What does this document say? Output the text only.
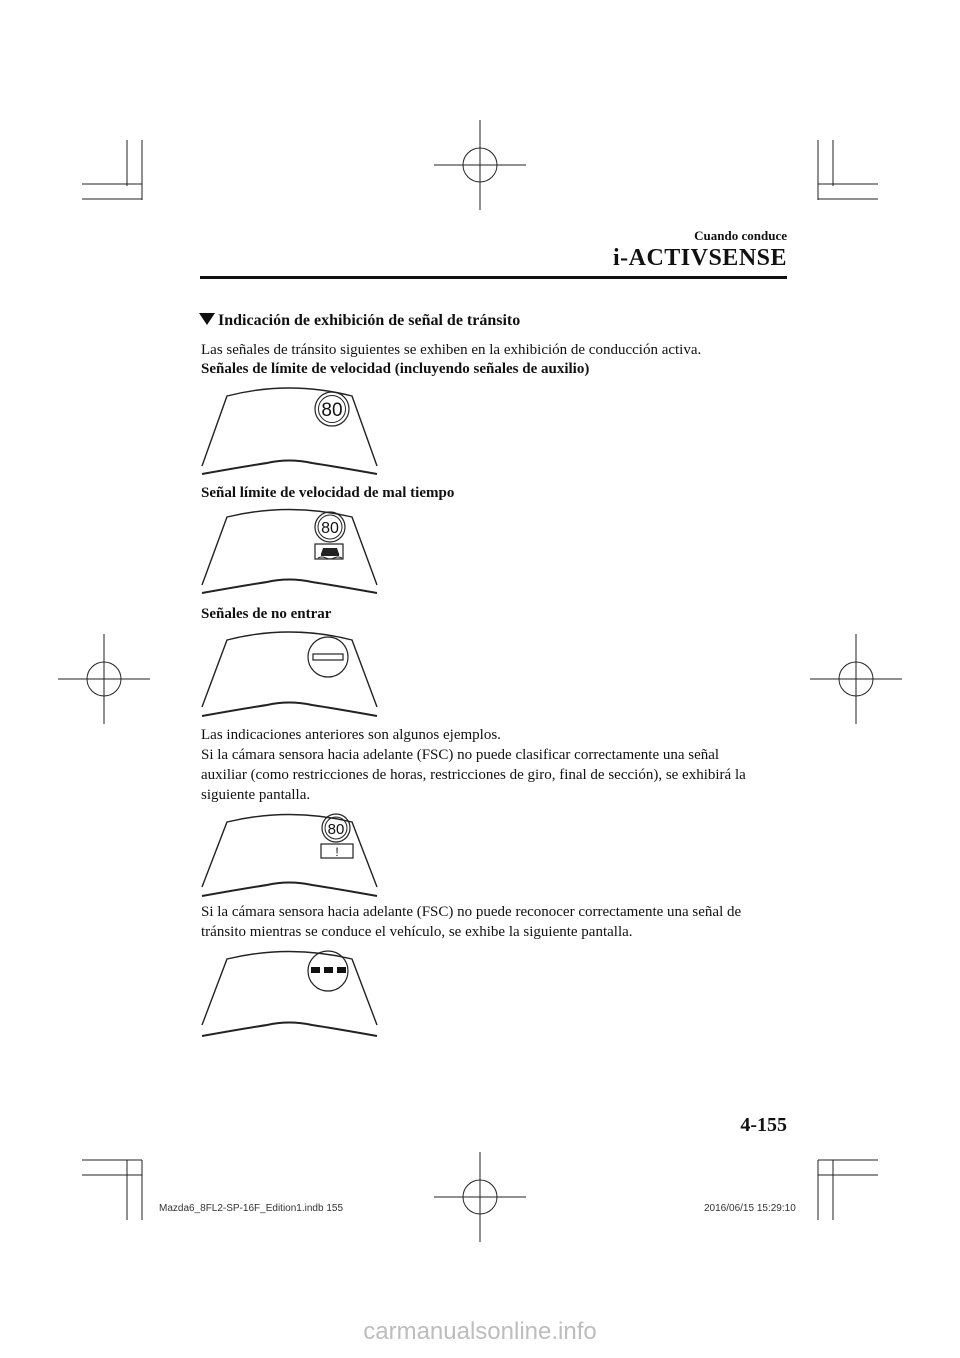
Cuando conduce
i-ACTIVSENSE
Indicación de exhibición de señal de tránsito
Las señales de tránsito siguientes se exhiben en la exhibición de conducción activa.
Señales de límite de velocidad (incluyendo señales de auxilio)
80
Señal límite de velocidad de mal tiempo
80
Señales de no entrar
Las indicaciones anteriores son algunos ejemplos.
Si la cámara sensora hacia adelante (FSC) no puede clasificar correctamente una señal
auxiliar (como restricciones de horas, restricciones de giro, final de sección), se exhibirá la
siguiente pantalla.
80
!
Si la cámara sensora hacia adelante (FSC) no puede reconocer correctamente una señal de
tránsito mientras se conduce el vehículo, se exhibe la siguiente pantalla.
4-155
Mazda6_8FL2-SP-16F_Edition1.indb 155	2016/06/15 15:29:10
carmanualsonline.info
